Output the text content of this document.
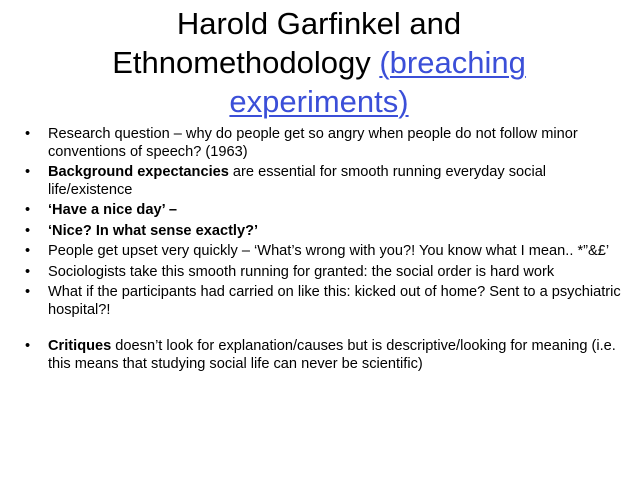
Harold Garfinkel and
Ethnomethodology (breaching
experiments)
• Research question – why do people get so angry when people do not follow minor conventions of speech? (1963)
• Background expectancies are essential for smooth running everyday social life/existence
• ‘Have a nice day’ –
• ‘Nice? In what sense exactly?’
• People get upset very quickly – ‘What’s wrong with you?! You know what I mean.. *”&£’
• Sociologists take this smooth running for granted: the social order is hard work
• What if the participants had carried on like this: kicked out of home? Sent to a psychiatric hospital?!
• Critiques doesn’t look for explanation/causes but is descriptive/looking for meaning (i.e. this means that studying social life can never be scientific)
